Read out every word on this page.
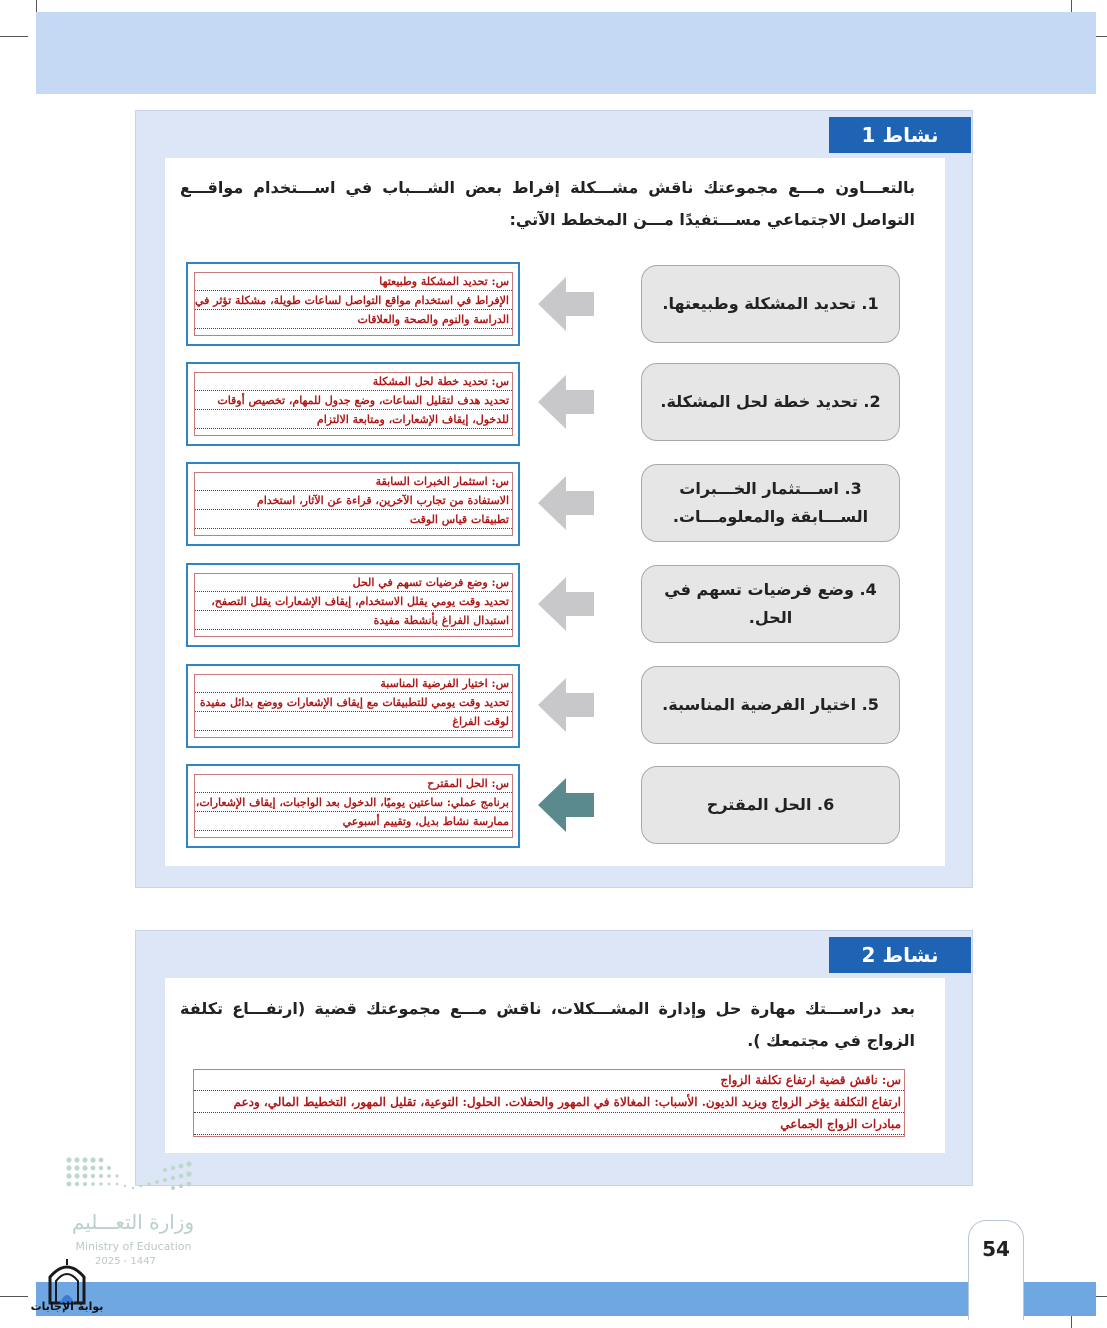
نشاط 1
بالتعـــاون مـــع مجموعتك ناقش مشـــكلة إفراط بعض الشـــباب في اســـتخدام مواقـــع التواصل الاجتماعي مســـتفيدًا مـــن المخطط الآتي:
1. تحديد المشكلة وطبيعتها.
2. تحديد خطة لحل المشكلة.
3. اســـتثمار الخـــبرات الســـابقة والمعلومـــات.
4. وضع فرضيات تسهم في الحل.
5. اختيار الفرضية المناسبة.
6. الحل المقترح
س: تحديد المشكلة وطبيعتها
الإفراط في استخدام مواقع التواصل لساعات طويلة، مشكلة تؤثر في
الدراسة والنوم والصحة والعلاقات
س: تحديد خطة لحل المشكلة
تحديد هدف لتقليل الساعات، وضع جدول للمهام، تخصيص أوقات
للدخول، إيقاف الإشعارات، ومتابعة الالتزام
س: استثمار الخبرات السابقة
الاستفادة من تجارب الآخرين، قراءة عن الآثار، استخدام
تطبيقات قياس الوقت
س: وضع فرضيات تسهم في الحل
تحديد وقت يومي يقلل الاستخدام، إيقاف الإشعارات يقلل التصفح،
استبدال الفراغ بأنشطة مفيدة
س: اختيار الفرضية المناسبة
تحديد وقت يومي للتطبيقات مع إيقاف الإشعارات ووضع بدائل مفيدة
لوقت الفراغ
س: الحل المقترح
برنامج عملي: ساعتين يوميًا، الدخول بعد الواجبات، إيقاف الإشعارات،
ممارسة نشاط بديل، وتقييم أسبوعي
نشاط 2
بعد دراســـتك مهارة حل وإدارة المشـــكلات، ناقش مـــع مجموعتك قضية (ارتفـــاع تكلفة الزواج في مجتمعك ).
س: ناقش قضية ارتفاع تكلفة الزواج
ارتفاع التكلفة يؤخر الزواج ويزيد الديون. الأسباب: المغالاة في المهور والحفلات. الحلول: التوعية، تقليل المهور، التخطيط المالي، ودعم
مبادرات الزواج الجماعي
54
وزارة التعـــليم
Ministry of Education
2025 - 1447
بوابة الإجابات
